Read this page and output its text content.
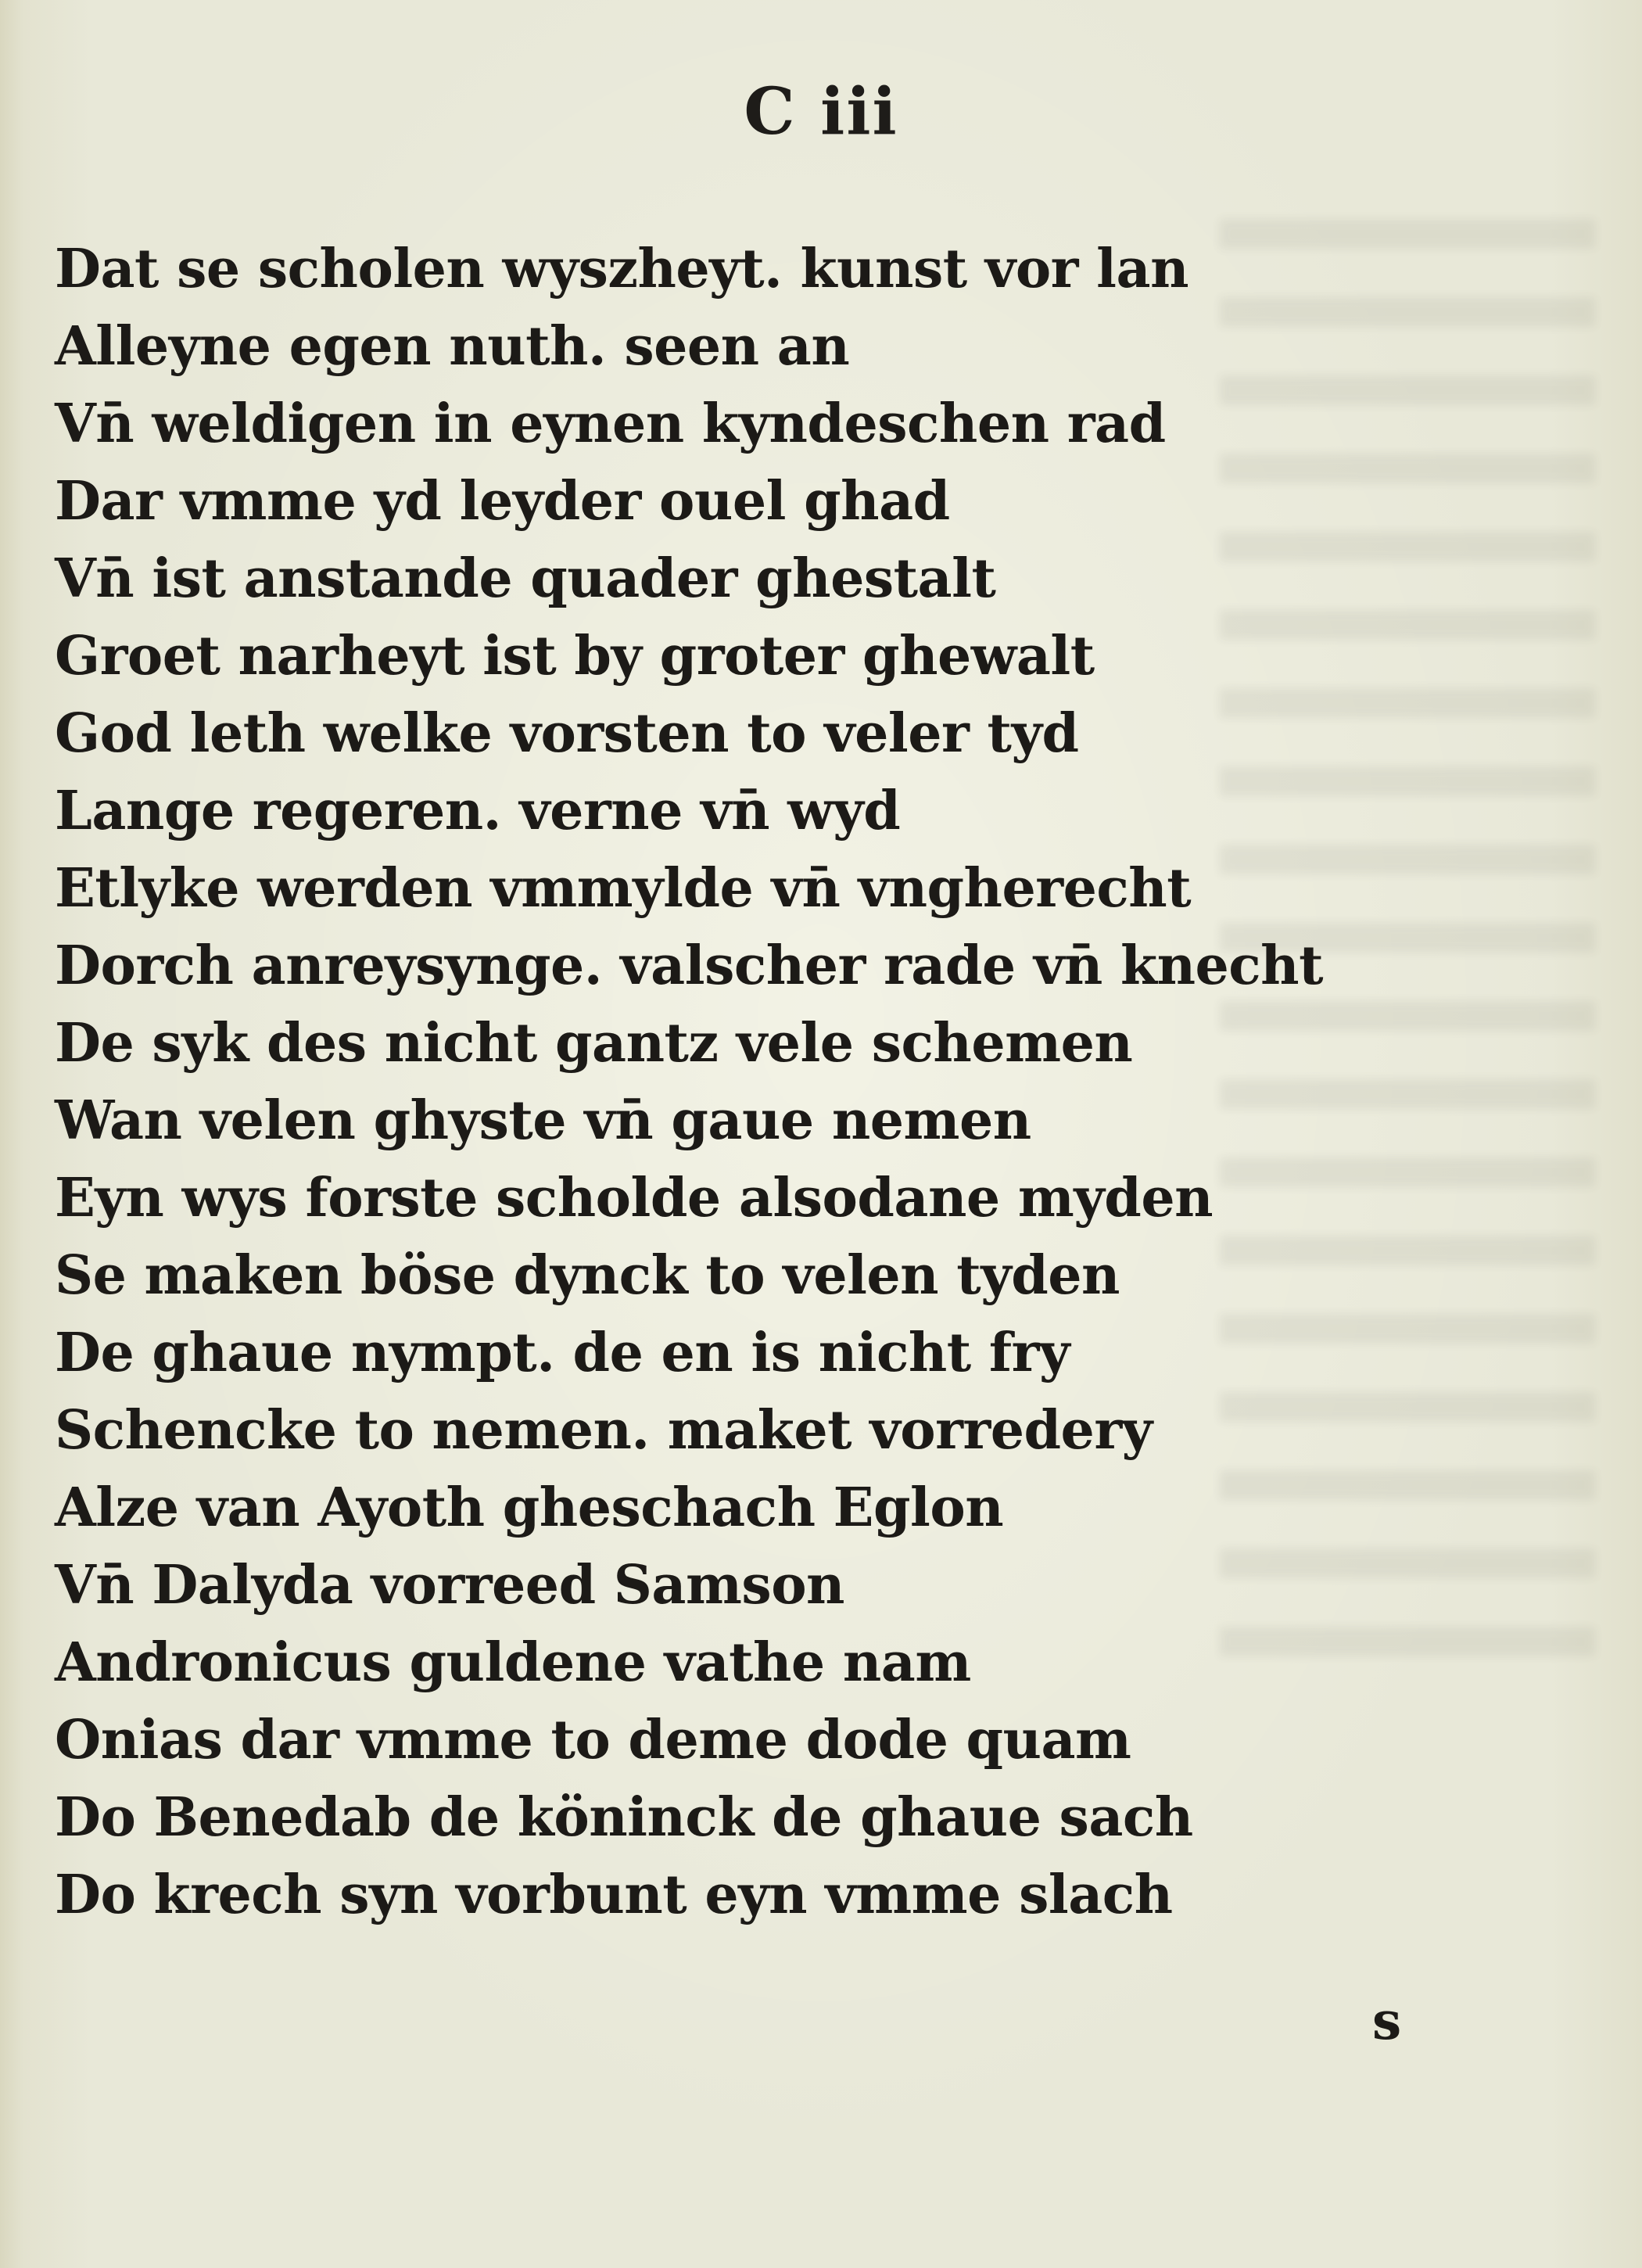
C iii
Dat se scholen wyszheyt. kunst vor lan
Alleyne egen nuth. seen an
Vn̄ weldigen in eynen kyndeschen rad
Dar vmme yd leyder ouel ghad
Vn̄ ist anstande quader ghestalt
Groet narheyt ist by groter ghewalt
God leth welke vorsten to veler tyd
Lange regeren. verne vn̄ wyd
Etlyke werden vmmylde vn̄ vngherecht
Dorch anreysynge. valscher rade vn̄ knecht
De syk des nicht gantz vele schemen
Wan velen ghyste vn̄ gaue nemen
Eyn wys forste scholde alsodane myden
Se maken böse dynck to velen tyden
De ghaue nympt. de en is nicht fry
Schencke to nemen. maket vorredery
Alze van Ayoth gheschach Eglon
Vn̄ Dalyda vorreed Samson
Andronicus guldene vathe nam
Onias dar vmme to deme dode quam
Do Benedab de köninck de ghaue sach
Do krech syn vorbunt eyn vmme slach
s
